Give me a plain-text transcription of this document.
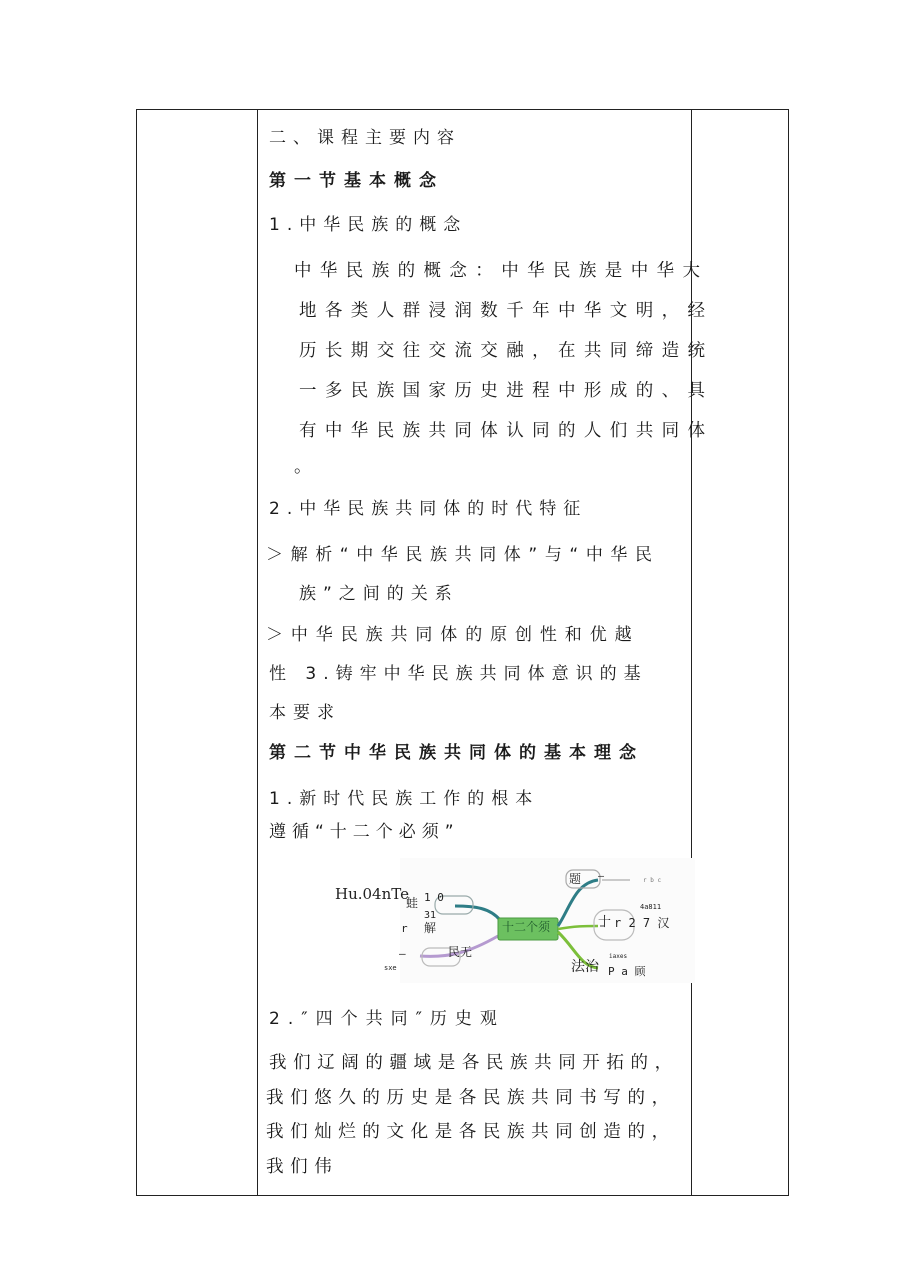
二、课程主要内容
第一节基本概念
1.中华民族的概念
中华民族的概念：中华民族是中华大
地各类人群浸润数千年中华文明，经
历长期交往交流交融，在共同缔造统
一多民族国家历史进程中形成的、具
有中华民族共同体认同的人们共同体
。
2.中华民族共同体的时代特征
＞解析“中华民族共同体”与“中华民
族”之间的关系
＞中华民族共同体的原创性和优越
性 3.铸牢中华民族共同体意识的基
本要求
第二节中华民族共同体的基本理念
1.新时代民族工作的根本
遵循“十二个必须”
Hu.04nTe
蛙 1 0
31
解
r
—
sxe
民无
十二个须
题 —	r b c
十 r 2 7 汉
4a811
法治
iaxes
P a 顾
2.″四个共同″历史观
我们辽阔的疆域是各民族共同开拓的，
我们悠久的历史是各民族共同书写的，
我们灿烂的文化是各民族共同创造的，
我们伟
